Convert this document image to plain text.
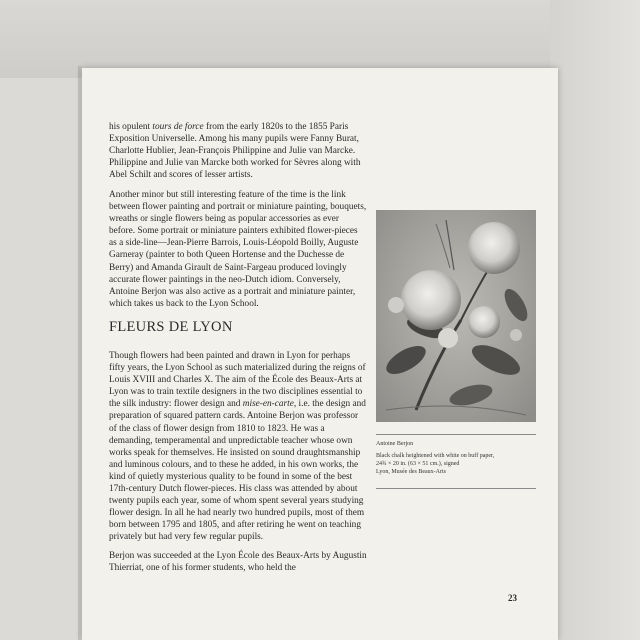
his opulent tours de force from the early 1820s to the 1855 Paris Exposition Universelle. Among his many pupils were Fanny Burat, Charlotte Hublier, Jean-François Philippine and Julie van Marcke. Philippine and Julie van Marcke both worked for Sèvres along with Abel Schilt and scores of lesser artists.

Another minor but still interesting feature of the time is the link between flower painting and portrait or miniature painting, bouquets, wreaths or single flowers being as popular accessories as ever before. Some portrait or miniature painters exhibited flower-pieces as a side-line—Jean-Pierre Barrois, Louis-Léopold Boilly, Auguste Garneray (painter to both Queen Hortense and the Duchesse de Berry) and Amanda Girault de Saint-Fargeau produced lovingly accurate flower paintings in the neo-Dutch idiom. Conversely, Antoine Berjon was also active as a portrait and miniature painter, which takes us back to the Lyon School.

FLEURS DE LYON

Though flowers had been painted and drawn in Lyon for perhaps fifty years, the Lyon School as such materialized during the reigns of Louis XVIII and Charles X. The aim of the École des Beaux-Arts at Lyon was to train textile designers in the two disciplines essential to the silk industry: flower design and mise-en-carte, i.e. the design and preparation of squared pattern cards. Antoine Berjon was professor of the class of flower design from 1810 to 1823. He was a demanding, temperamental and unpredictable teacher whose own works speak for themselves. He insisted on sound draughtsmanship and luminous colours, and to these he added, in his own works, the kind of quietly mysterious quality to be found in some of the best 17th-century Dutch flower-pieces. His class was attended by about twenty pupils each year, some of whom spent several years studying flower design. In all he had nearly two hundred pupils, most of them born between 1795 and 1805, and after retiring he went on teaching privately but had very few regular pupils.

Berjon was succeeded at the Lyon École des Beaux-Arts by Augustin Thierriat, one of his former students, who held the

Antoine Berjon
Black chalk heightened with white on buff paper,
24¾ × 20 in. (63 × 51 cm.), signed
Lyon, Musée des Beaux-Arts
23
